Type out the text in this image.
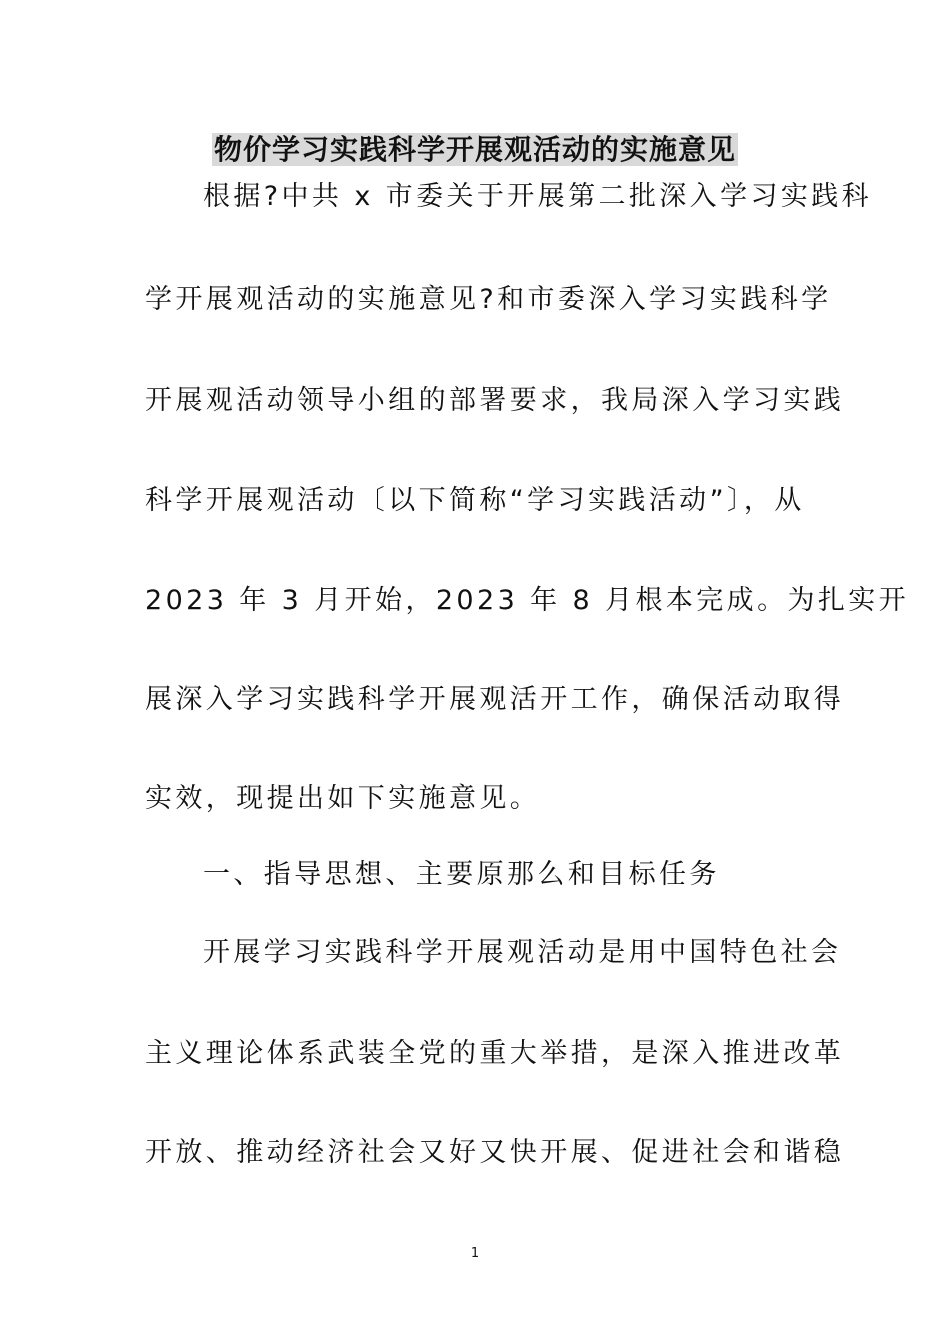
物价学习实践科学开展观活动的实施意见
根据?中共 x 市委关于开展第二批深入学习实践科
学开展观活动的实施意见?和市委深入学习实践科学
开展观活动领导小组的部署要求，我局深入学习实践
科学开展观活动〔以下简称“学习实践活动”〕，从
2023 年 3 月开始，2023 年 8 月根本完成。为扎实开
展深入学习实践科学开展观活开工作，确保活动取得
实效，现提出如下实施意见。
一、指导思想、主要原那么和目标任务
开展学习实践科学开展观活动是用中国特色社会
主义理论体系武装全党的重大举措，是深入推进改革
开放、推动经济社会又好又快开展、促进社会和谐稳
1
